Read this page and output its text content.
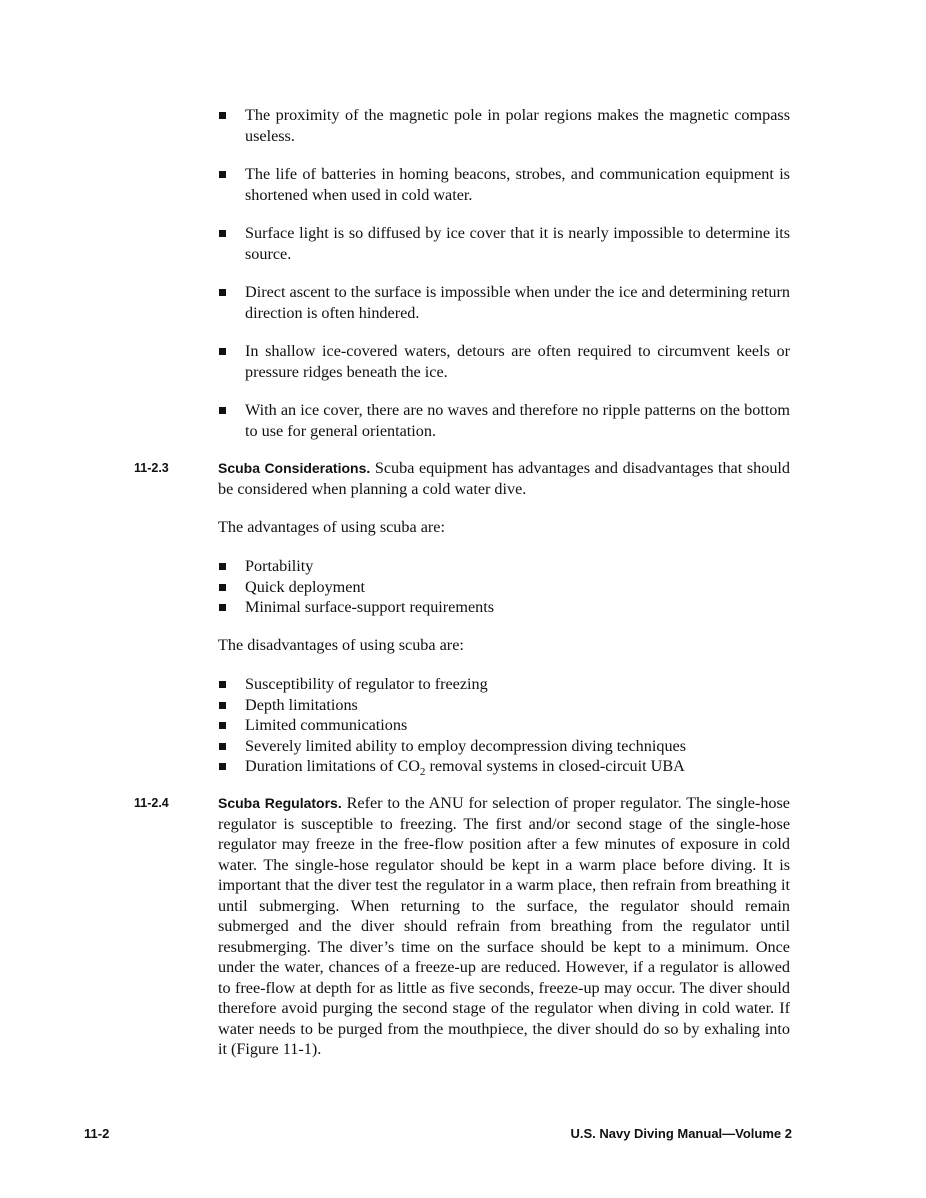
The proximity of the magnetic pole in polar regions makes the magnetic compass useless.
The life of batteries in homing beacons, strobes, and communication equipment is shortened when used in cold water.
Surface light is so diffused by ice cover that it is nearly impossible to determine its source.
Direct ascent to the surface is impossible when under the ice and determining return direction is often hindered.
In shallow ice-covered waters, detours are often required to circumvent keels or pressure ridges beneath the ice.
With an ice cover, there are no waves and therefore no ripple patterns on the bottom to use for general orientation.
11-2.3	Scuba Considerations. Scuba equipment has advantages and disadvantages that should be considered when planning a cold water dive.
The advantages of using scuba are:
Portability
Quick deployment
Minimal surface-support requirements
The disadvantages of using scuba are:
Susceptibility of regulator to freezing
Depth limitations
Limited communications
Severely limited ability to employ decompression diving techniques
Duration limitations of $CO_2$ removal systems in closed-circuit UBA
11-2.4	Scuba Regulators. Refer to the ANU for selection of proper regulator. The single-hose regulator is susceptible to freezing. The first and/or second stage of the single-hose regulator may freeze in the free-flow position after a few minutes of exposure in cold water. The single-hose regulator should be kept in a warm place before diving. It is important that the diver test the regulator in a warm place, then refrain from breathing it until submerging. When returning to the surface, the regulator should remain submerged and the diver should refrain from breathing from the regulator until resubmerging. The diver’s time on the surface should be kept to a minimum. Once under the water, chances of a freeze-up are reduced. However, if a regulator is allowed to free-flow at depth for as little as five seconds, freeze-up may occur. The diver should therefore avoid purging the second stage of the regulator when diving in cold water. If water needs to be purged from the mouthpiece, the diver should do so by exhaling into it (Figure 11-1).
11-2	U.S. Navy Diving Manual—Volume 2
